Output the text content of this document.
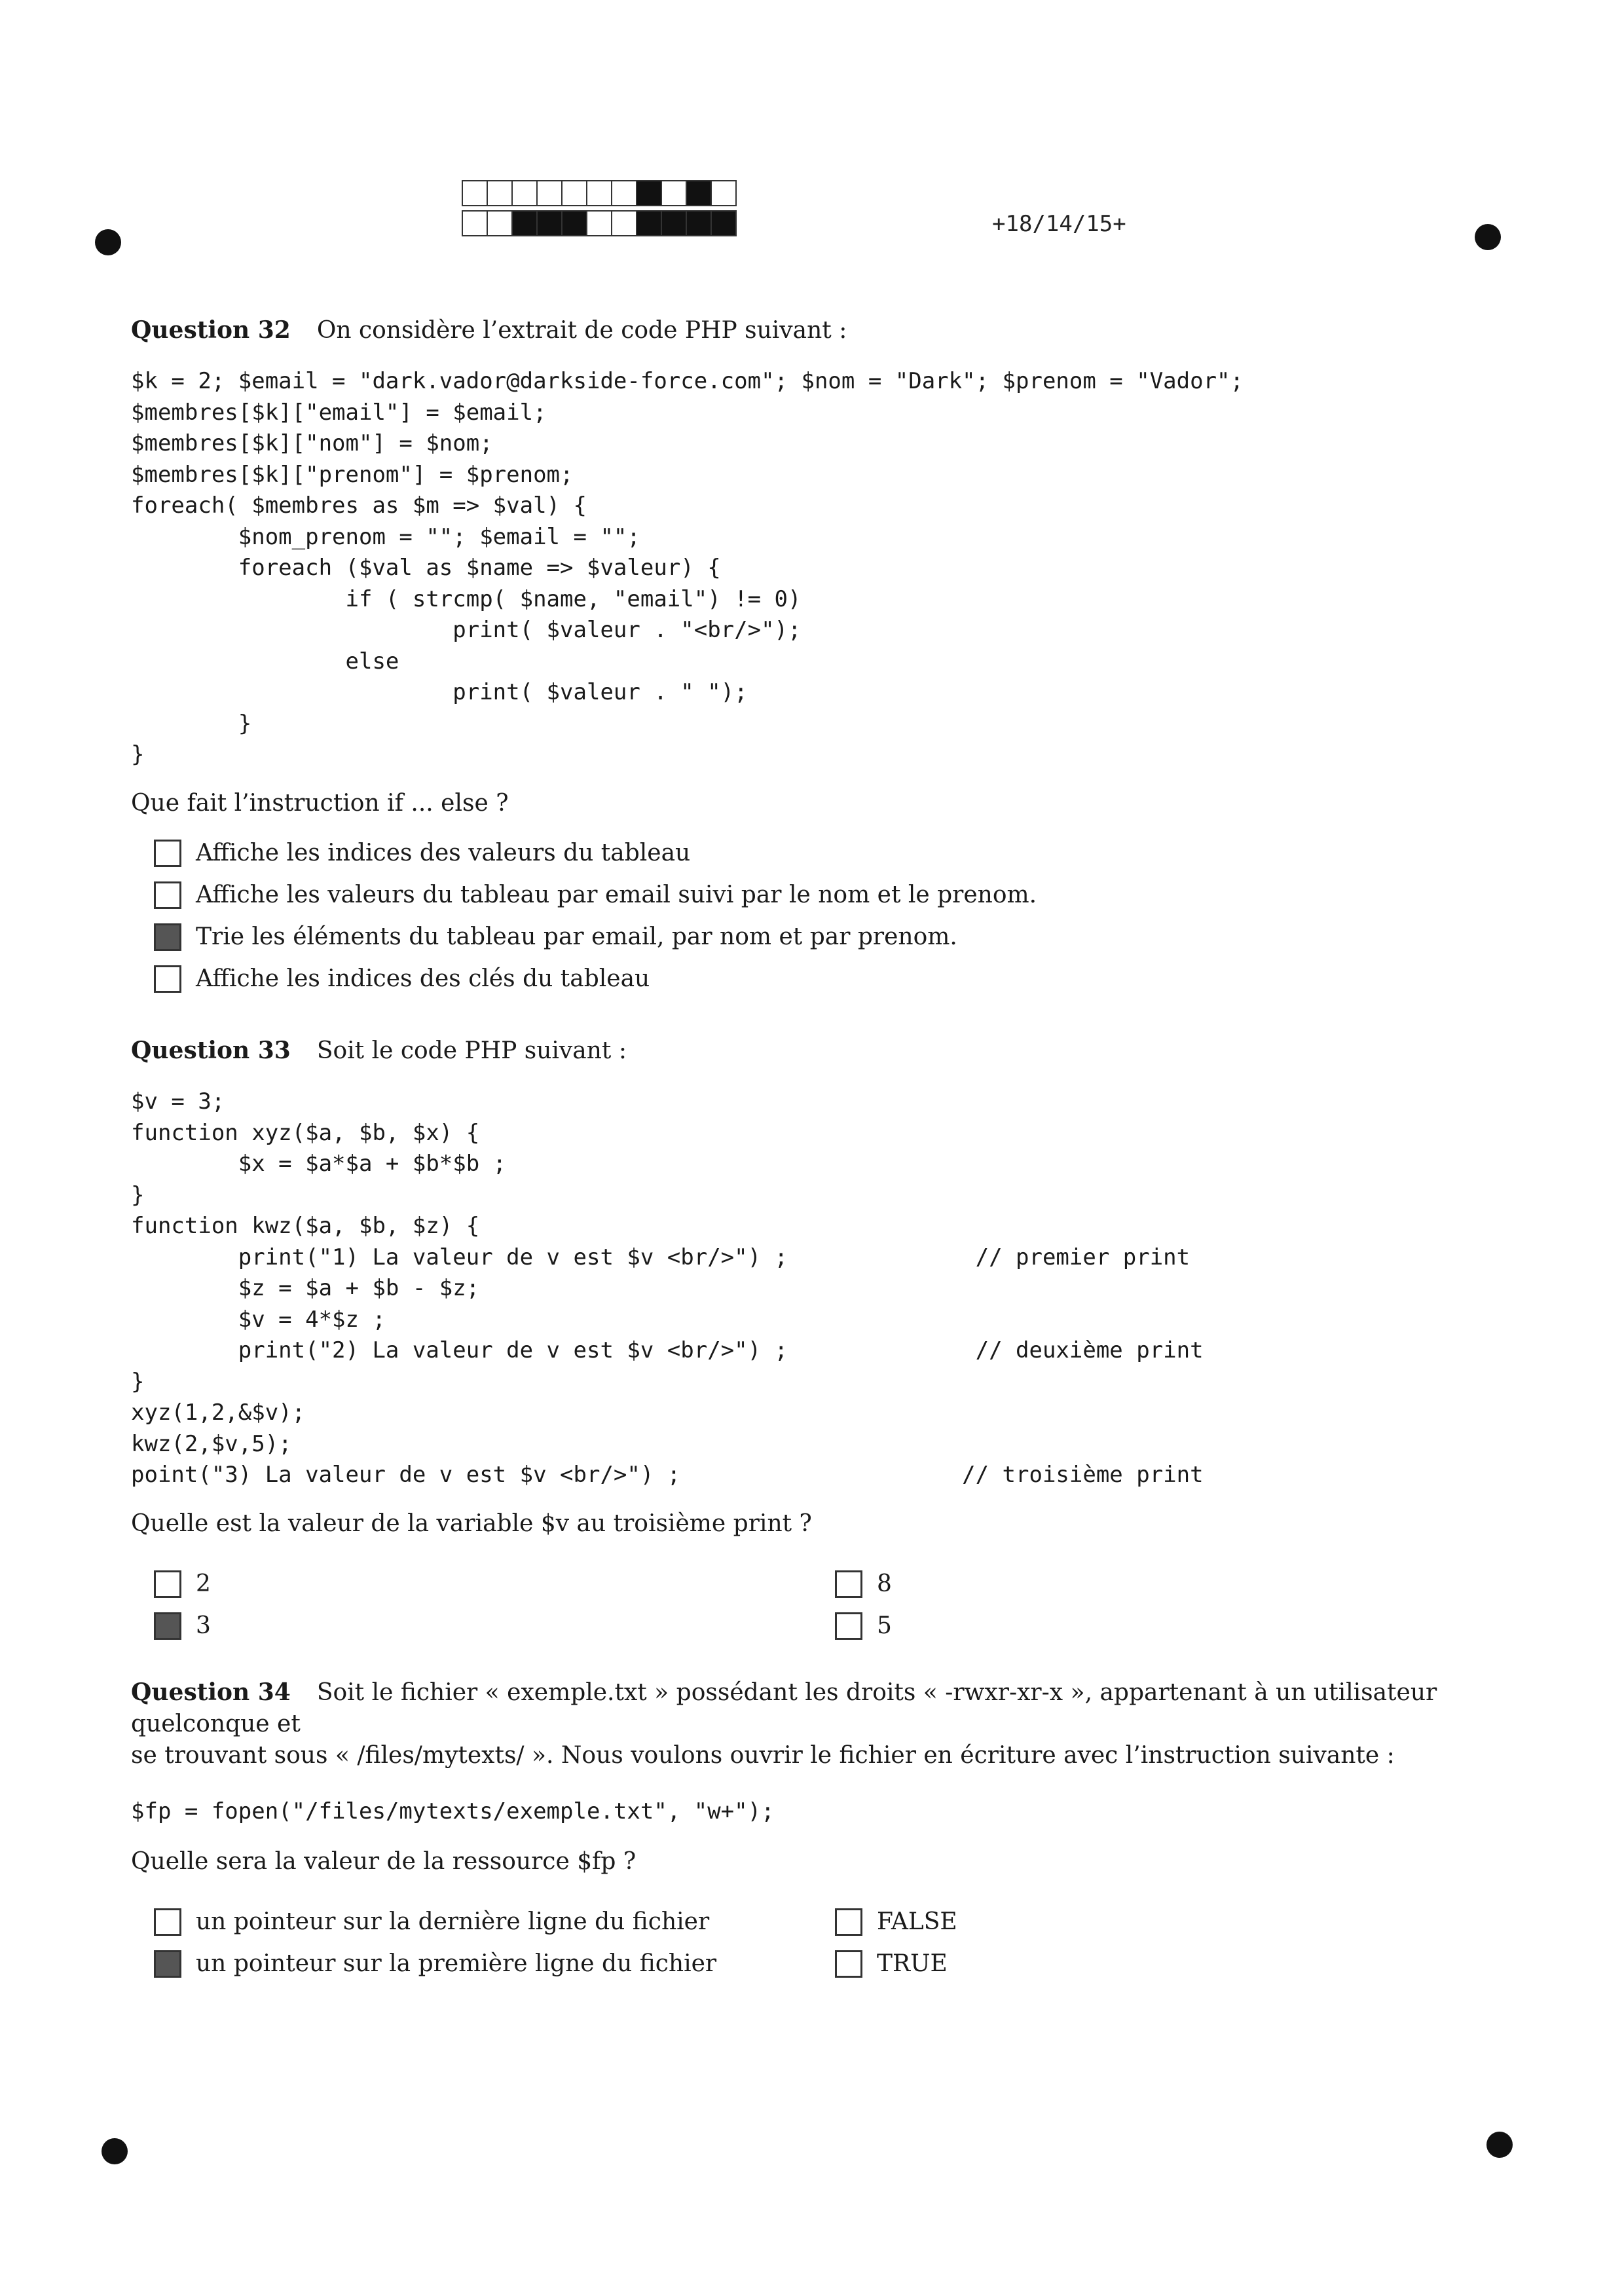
+18/14/15+
Question 32 On considère l’extrait de code PHP suivant :
$k = 2; $email = "dark.vador@darkside-force.com"; $nom = "Dark"; $prenom = "Vador";
$membres[$k]["email"] = $email;
$membres[$k]["nom"] = $nom;
$membres[$k]["prenom"] = $prenom;
foreach( $membres as $m => $val) {
$nom_prenom = ""; $email = "";
foreach ($val as $name => $valeur) {
if ( strcmp( $name, "email") != 0)
print( $valeur . "<br/>");
else
print( $valeur . " ");
}
}
Que fait l’instruction if ... else ?
Affiche les indices des valeurs du tableau
Affiche les valeurs du tableau par email suivi par le nom et le prenom.
Trie les éléments du tableau par email, par nom et par prenom.
Affiche les indices des clés du tableau
Question 33 Soit le code PHP suivant :
$v = 3;
function xyz($a, $b, $x) {
$x = $a*$a + $b*$b ;
}
function kwz($a, $b, $z) {
print("1) La valeur de v est $v <br/>") ;              // premier print
$z = $a + $b - $z;
$v = 4*$z ;
print("2) La valeur de v est $v <br/>") ;              // deuxième print
}
xyz(1,2,&$v);
kwz(2,$v,5);
point("3) La valeur de v est $v <br/>") ;                     // troisième print
Quelle est la valeur de la variable $v au troisième print ?
2
3
8
5
Question 34 Soit le fichier « exemple.txt » possédant les droits « -rwxr-xr-x », appartenant à un utilisateur quelconque et
se trouvant sous « /files/mytexts/ ». Nous voulons ouvrir le fichier en écriture avec l’instruction suivante :
$fp = fopen("/files/mytexts/exemple.txt", "w+");
Quelle sera la valeur de la ressource $fp ?
un pointeur sur la dernière ligne du fichier
un pointeur sur la première ligne du fichier
FALSE
TRUE
